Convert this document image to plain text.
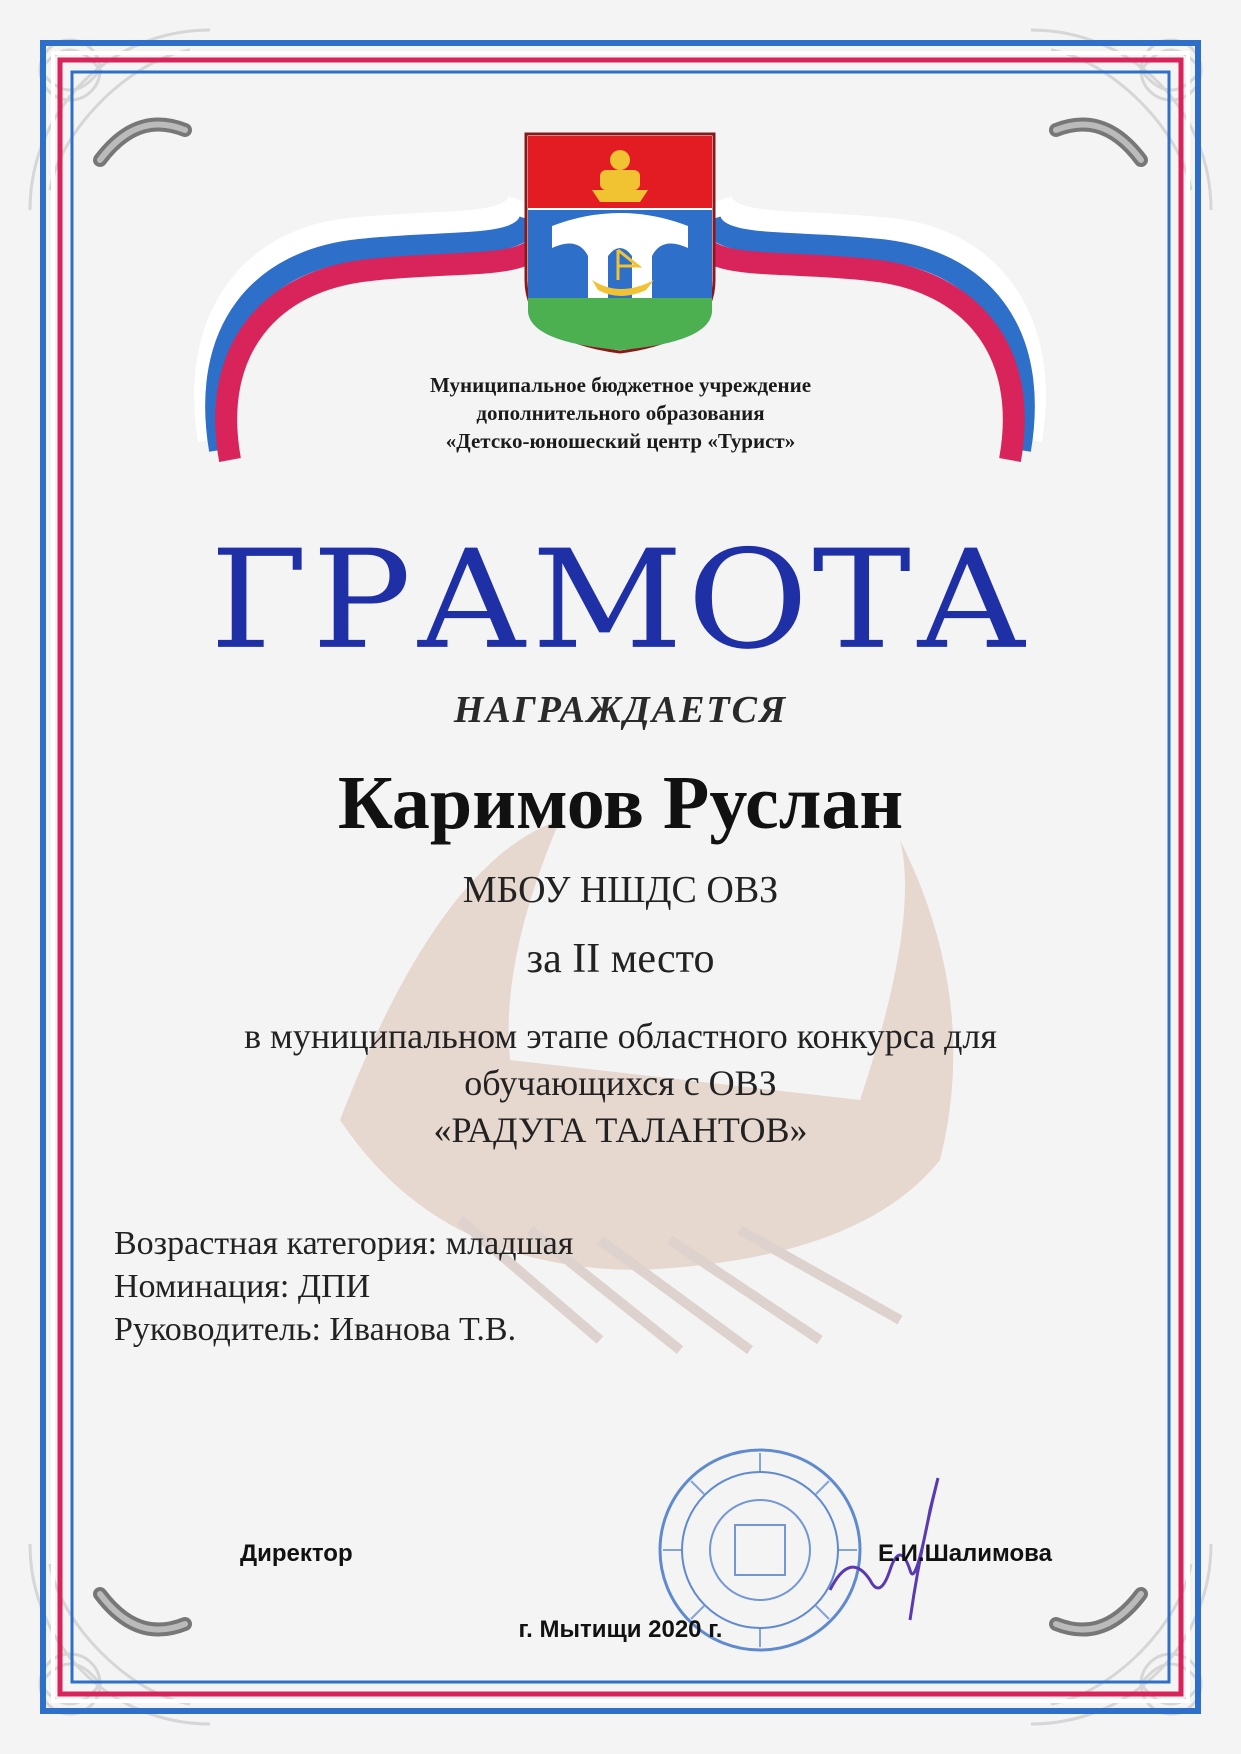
Муниципальное бюджетное учреждение
дополнительного образования
«Детско-юношеский центр «Турист»
ГРАМОТА
НАГРАЖДАЕТСЯ
Каримов Руслан
МБОУ НШДС ОВЗ
за II место
в муниципальном этапе областного конкурса для
обучающихся с ОВЗ
«РАДУГА ТАЛАНТОВ»
Возрастная категория: младшая
Номинация: ДПИ
Руководитель: Иванова Т.В.
Директор	Е.И.Шалимова
г. Мытищи 2020 г.
